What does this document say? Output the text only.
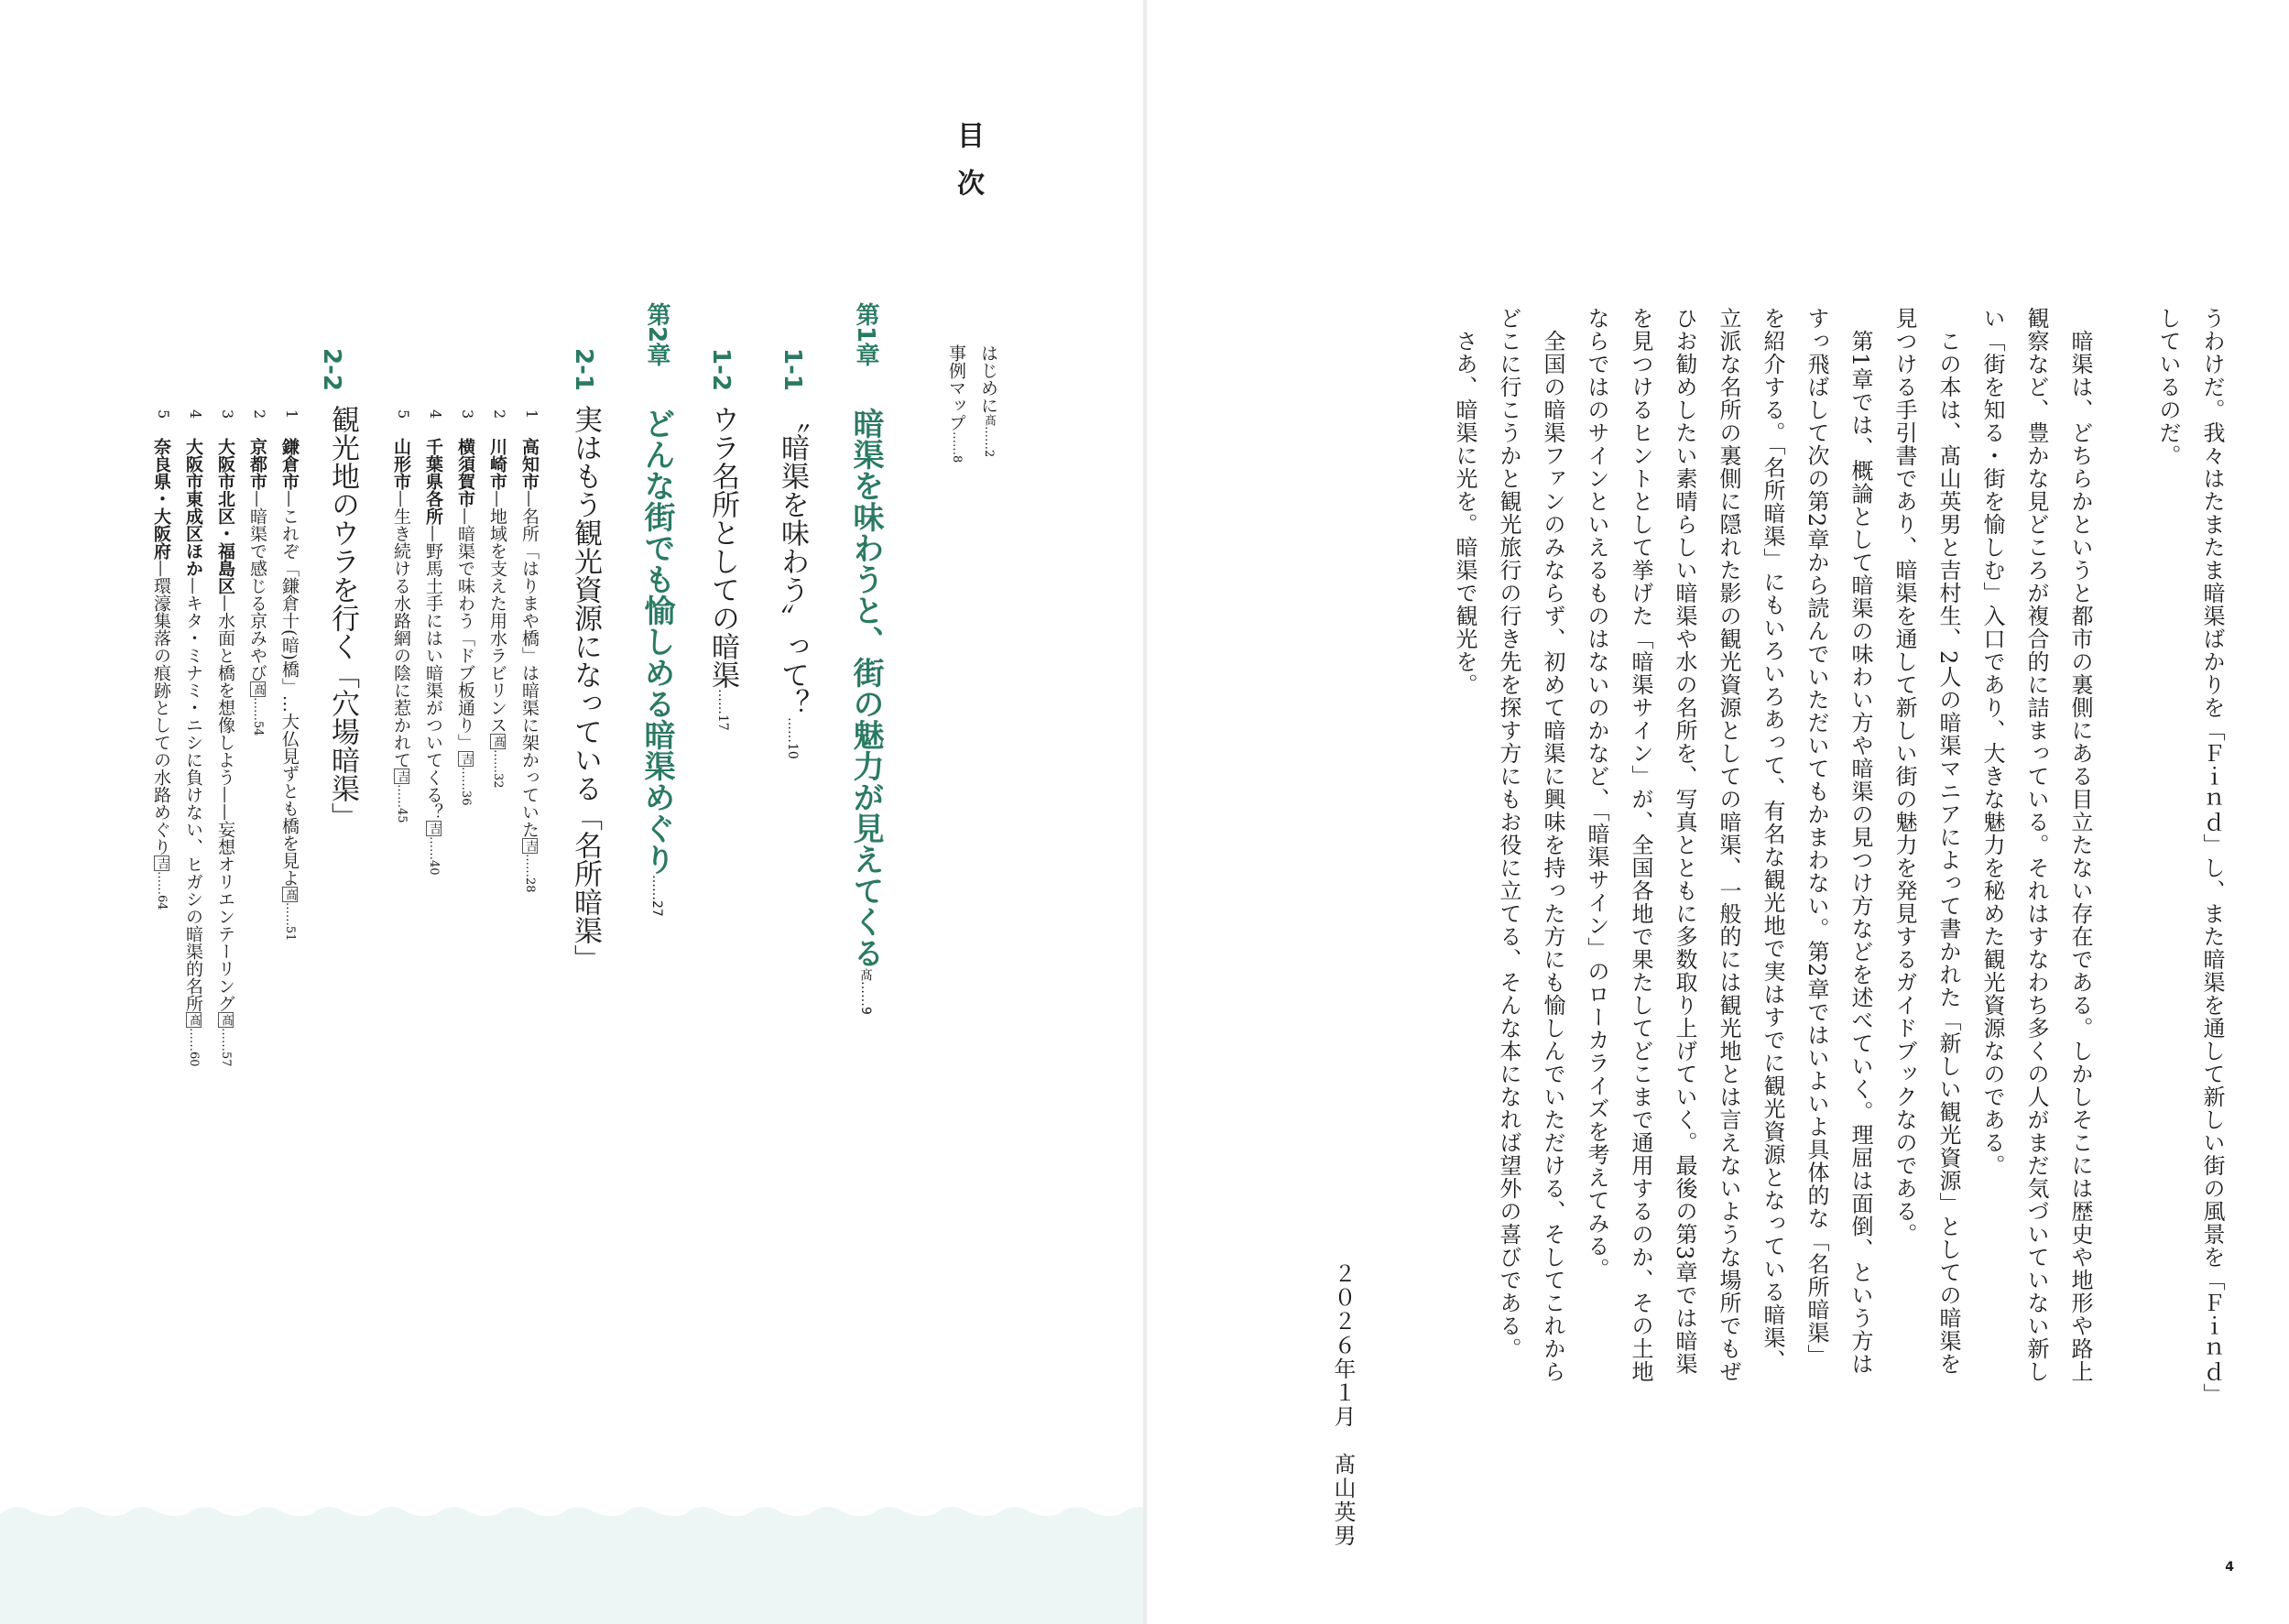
目次
はじめに髙……2
事例マップ……8
第1章
暗渠を味わうと、街の魅力が見えてくる髙……9
1-1
〝暗渠を味わう〟って？……10
1-2
ウラ名所としての暗渠……17
第2章
どんな街でも愉しめる暗渠めぐり……27
2-1
実はもう観光資源になっている「名所暗渠」
1
高知市—名所「はりまや橋」は暗渠に架かっていた吉……28
2
川崎市—地域を支えた用水ラビリンス髙……32
3
横須賀市—暗渠で味わう「ドブ板通り」吉……36
4
千葉県各所—野馬土手にはい暗渠がついてくる？吉……40
5
山形市—生き続ける水路網の陰に惹かれて吉……45
2-2
観光地のウラを行く「穴場暗渠」
1
鎌倉市—これぞ「鎌倉十(暗)橋」…大仏見ずとも橋を見よ髙……51
2
京都市—暗渠で感じる京みやび髙……54
3
大阪市北区・福島区—水面と橋を想像しよう——妄想オリエンテーリング髙……57
4
大阪市東成区ほか—キタ・ミナミ・ニシに負けない、ヒガシの暗渠的名所髙……60
5
奈良県・大阪府—環濠集落の痕跡としての水路めぐり吉……64	うわけだ。我々はたまたま暗渠ばかりを「Ｆｉｎｄ」し、また暗渠を通して新しい街の風景を「Ｆｉｎｄ」
しているのだ。
　暗渠は、どちらかというと都市の裏側にある目立たない存在である。しかしそこには歴史や地形や路上
観察など、豊かな見どころが複合的に詰まっている。それはすなわち多くの人がまだ気づいていない新し
い「街を知る・街を愉しむ」入口であり、大きな魅力を秘めた観光資源なのである。
　この本は、髙山英男と吉村生、2人の暗渠マニアによって書かれた「新しい観光資源」としての暗渠を
見つける手引書であり、暗渠を通して新しい街の魅力を発見するガイドブックなのである。
　第1章では、概論として暗渠の味わい方や暗渠の見つけ方などを述べていく。理屈は面倒、という方は
すっ飛ばして次の第2章から読んでいただいてもかまわない。第2章ではいよいよ具体的な「名所暗渠」
を紹介する。「名所暗渠」にもいろいろあって、有名な観光地で実はすでに観光資源となっている暗渠、
立派な名所の裏側に隠れた影の観光資源としての暗渠、一般的には観光地とは言えないような場所でもぜ
ひお勧めしたい素晴らしい暗渠や水の名所を、写真とともに多数取り上げていく。最後の第3章では暗渠
を見つけるヒントとして挙げた「暗渠サイン」が、全国各地で果たしてどこまで通用するのか、その土地
ならではのサインといえるものはないのかなど、「暗渠サイン」のローカライズを考えてみる。
　全国の暗渠ファンのみならず、初めて暗渠に興味を持った方にも愉しんでいただける、そしてこれから
どこに行こうかと観光旅行の行き先を探す方にもお役に立てる、そんな本になれば望外の喜びである。
　さあ、暗渠に光を。暗渠で観光を。
２０２６年１月　髙山英男
4
